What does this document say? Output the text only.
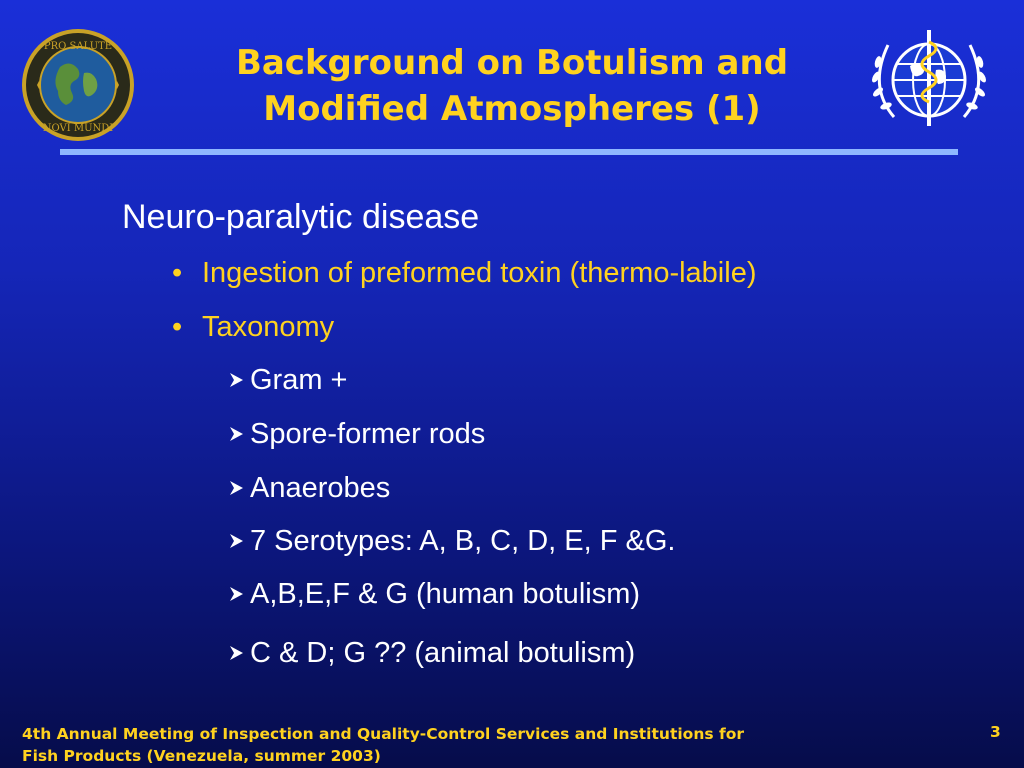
PRO SALUTE
NOVI MUNDI
Background on Botulism and
Modified Atmospheres (1)
Neuro-paralytic disease
• Ingestion of preformed toxin (thermo-labile)
• Taxonomy
Gram +
Spore-former rods
Anaerobes
7 Serotypes: A, B, C, D, E, F &G.
A,B,E,F & G (human botulism)
C & D; G ?? (animal botulism)
4th Annual Meeting of Inspection and Quality-Control Services and Institutions for
Fish Products (Venezuela, summer 2003)
3
